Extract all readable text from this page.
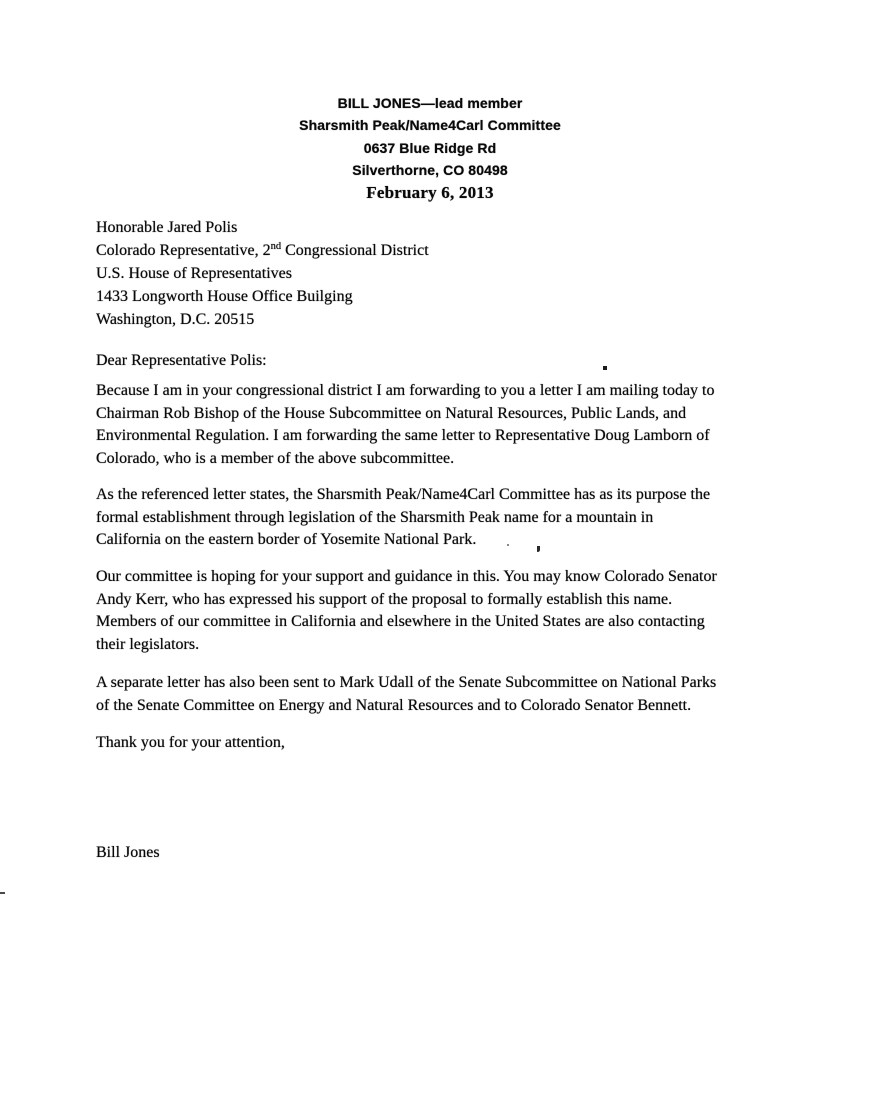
BILL JONES—lead member
Sharsmith Peak/Name4Carl Committee
0637 Blue Ridge Rd
Silverthorne, CO 80498
February 6, 2013
Honorable Jared Polis
Colorado Representative, 2nd Congressional District
U.S. House of Representatives
1433 Longworth House Office Builging
Washington, D.C. 20515
Dear Representative Polis:
Because I am in your congressional district I am forwarding to you a letter I am mailing today to
Chairman Rob Bishop of the House Subcommittee on Natural Resources, Public Lands, and
Environmental Regulation. I am forwarding the same letter to Representative Doug Lamborn of
Colorado, who is a member of the above subcommittee.
As the referenced letter states, the Sharsmith Peak/Name4Carl Committee has as its purpose the
formal establishment through legislation of the Sharsmith Peak name for a mountain in
California on the eastern border of Yosemite National Park.
Our committee is hoping for your support and guidance in this. You may know Colorado Senator
Andy Kerr, who has expressed his support of the proposal to formally establish this name.
Members of our committee in California and elsewhere in the United States are also contacting
their legislators.
A separate letter has also been sent to Mark Udall of the Senate Subcommittee on National Parks
of the Senate Committee on Energy and Natural Resources and to Colorado Senator Bennett.
Thank you for your attention,
Bill Jones
